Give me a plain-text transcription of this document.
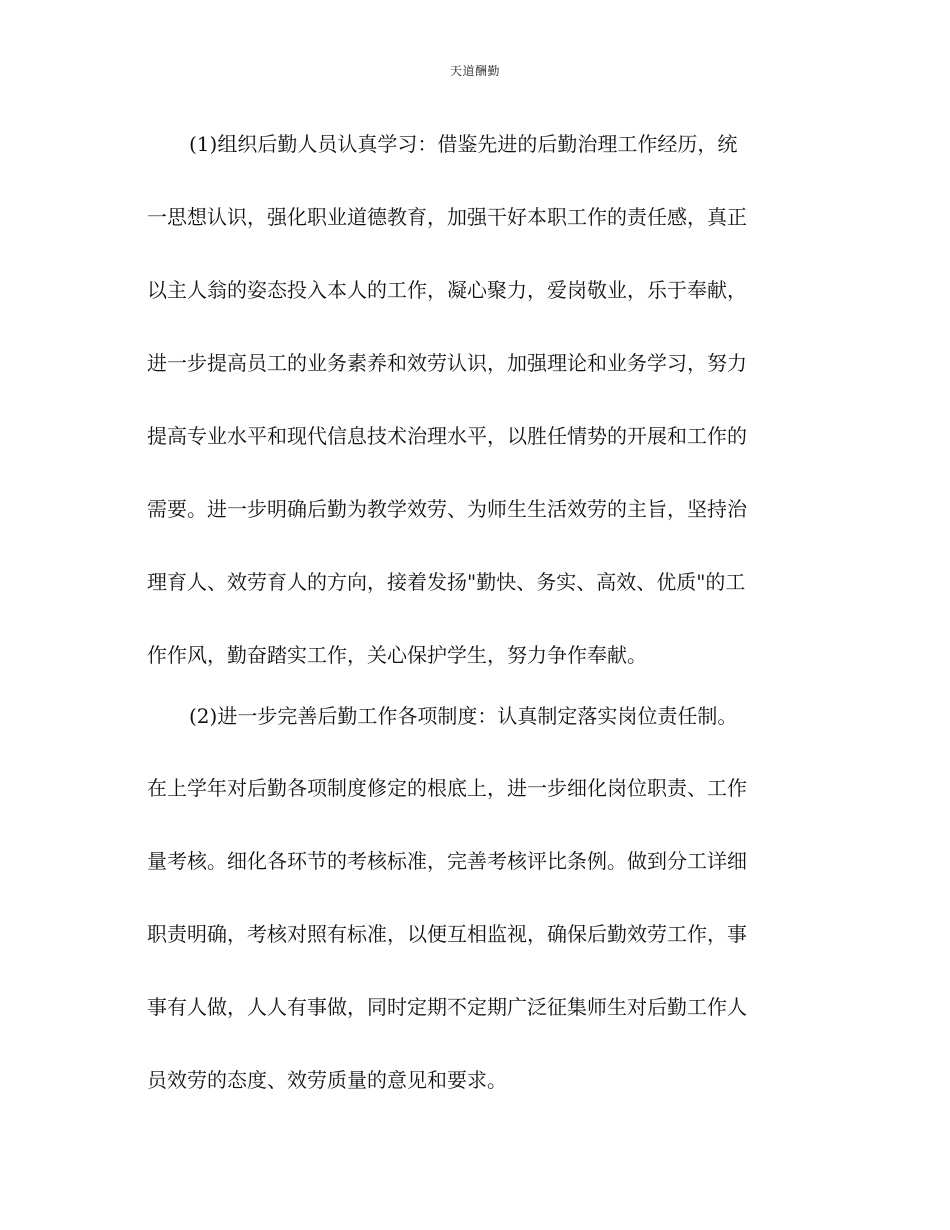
天道酬勤
(1)组织后勤人员认真学习：借鉴先进的后勤治理工作经历，统
一思想认识，强化职业道德教育，加强干好本职工作的责任感，真正
以主人翁的姿态投入本人的工作，凝心聚力，爱岗敬业，乐于奉献，
进一步提高员工的业务素养和效劳认识，加强理论和业务学习，努力
提高专业水平和现代信息技术治理水平，以胜任情势的开展和工作的
需要。进一步明确后勤为教学效劳、为师生生活效劳的主旨，坚持治
理育人、效劳育人的方向，接着发扬"勤快、务实、高效、优质"的工
作作风，勤奋踏实工作，关心保护学生，努力争作奉献。
(2)进一步完善后勤工作各项制度：认真制定落实岗位责任制。
在上学年对后勤各项制度修定的根底上，进一步细化岗位职责、工作
量考核。细化各环节的考核标准，完善考核评比条例。做到分工详细
职责明确，考核对照有标准，以便互相监视，确保后勤效劳工作，事
事有人做，人人有事做，同时定期不定期广泛征集师生对后勤工作人
员效劳的态度、效劳质量的意见和要求。
